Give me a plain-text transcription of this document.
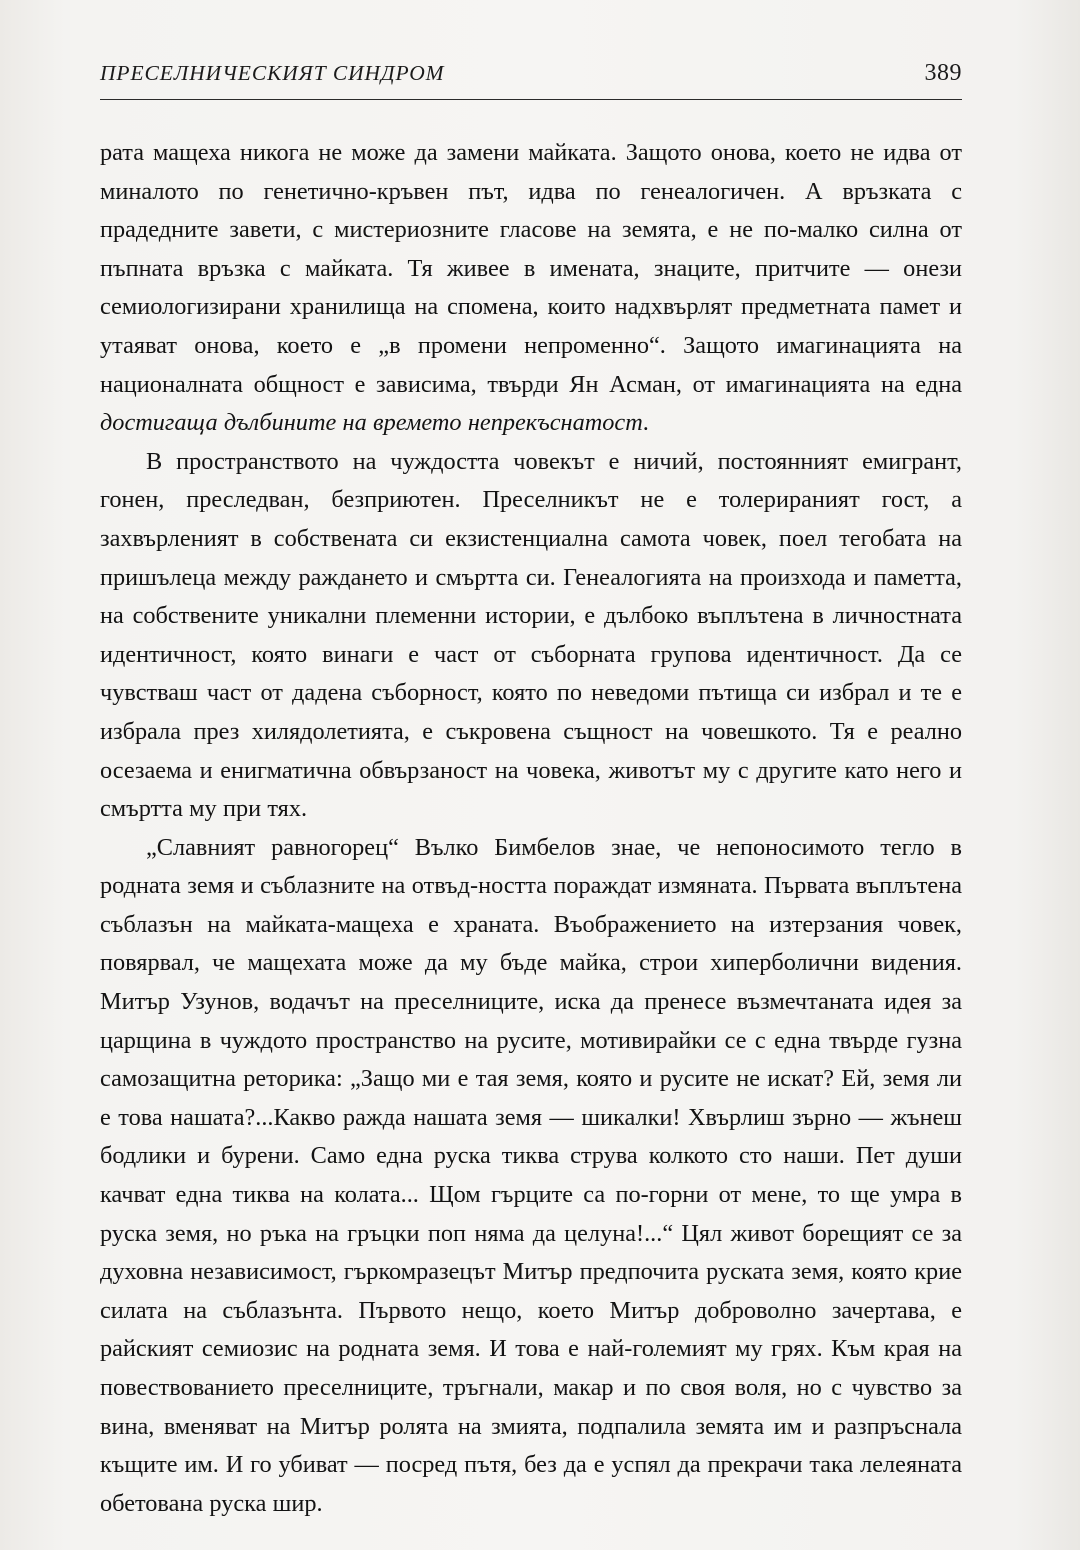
ПРЕСЕЛНИЧЕСКИЯТ СИНДРОМ	389

рата мащеха никога не може да замени майката. Защото онова, което не идва от миналото по генетично-кръвен път, идва по генеалогичен. А връзката с прадедните завети, с мистериозните гласове на земята, е не по-малко силна от пъпната връзка с майката. Тя живее в имената, знаците, притчите — онези семиологизирани хранилища на спомена, които надхвърлят предметната памет и утаяват онова, което е „в промени непроменно“. Защото имагинацията на националната общност е зависима, твърди Ян Асман, от имагинацията на една достигаща дълбините на времето непрекъснатост.

В пространството на чуждостта човекът е ничий, постоянният емигрант, гонен, преследван, безприютен. Преселникът не е толерираният гост, а захвърленият в собствената си екзистенциална самота човек, поел тегобата на пришълеца между раждането и смъртта си. Генеалогията на произхода и паметта, на собствените уникални племенни истории, е дълбоко въплътена в личностната идентичност, която винаги е част от съборната групова идентичност. Да се чувстваш част от дадена съборност, която по неведоми пътища си избрал и те е избрала през хилядолетията, е съкровена същност на човешкото. Тя е реално осезаема и енигматична обвързаност на човека, животът му с другите като него и смъртта му при тях.

„Славният равногорец“ Вълко Бимбелов знае, че непоносимото тегло в родната земя и съблазните на отвъд-ността пораждат измяната. Първата въплътена съблазън на майката-мащеха е храната. Въображението на изтерзания човек, повярвал, че мащехата може да му бъде майка, строи хиперболични видения. Митър Узунов, водачът на преселниците, иска да пренесе възмечтаната идея за царщина в чуждото пространство на русите, мотивирайки се с една твърде гузна самозащитна реторика: „Защо ми е тая земя, която и русите не искат? Ей, земя ли е това нашата?...Какво ражда нашата земя — шикалки! Хвърлиш зърно — жънеш бодлики и бурени. Само една руска тиква струва колкото сто наши. Пет души качват една тиква на колата... Щом гърците са по-горни от мене, то ще умра в руска земя, но ръка на гръцки поп няма да целуна!...“ Цял живот борещият се за духовна независимост, гъркомразецът Митър предпочита руската земя, която крие силата на съблазънта. Първото нещо, което Митър доброволно зачертава, е райският семиозис на родната земя. И това е най-големият му грях. Към края на повествованието преселниците, тръгнали, макар и по своя воля, но с чувство за вина, вменяват на Митър ролята на змията, подпалила земята им и разпръснала къщите им. И го убиват — посред пътя, без да е успял да прекрачи така лелеяната обетована руска шир.
